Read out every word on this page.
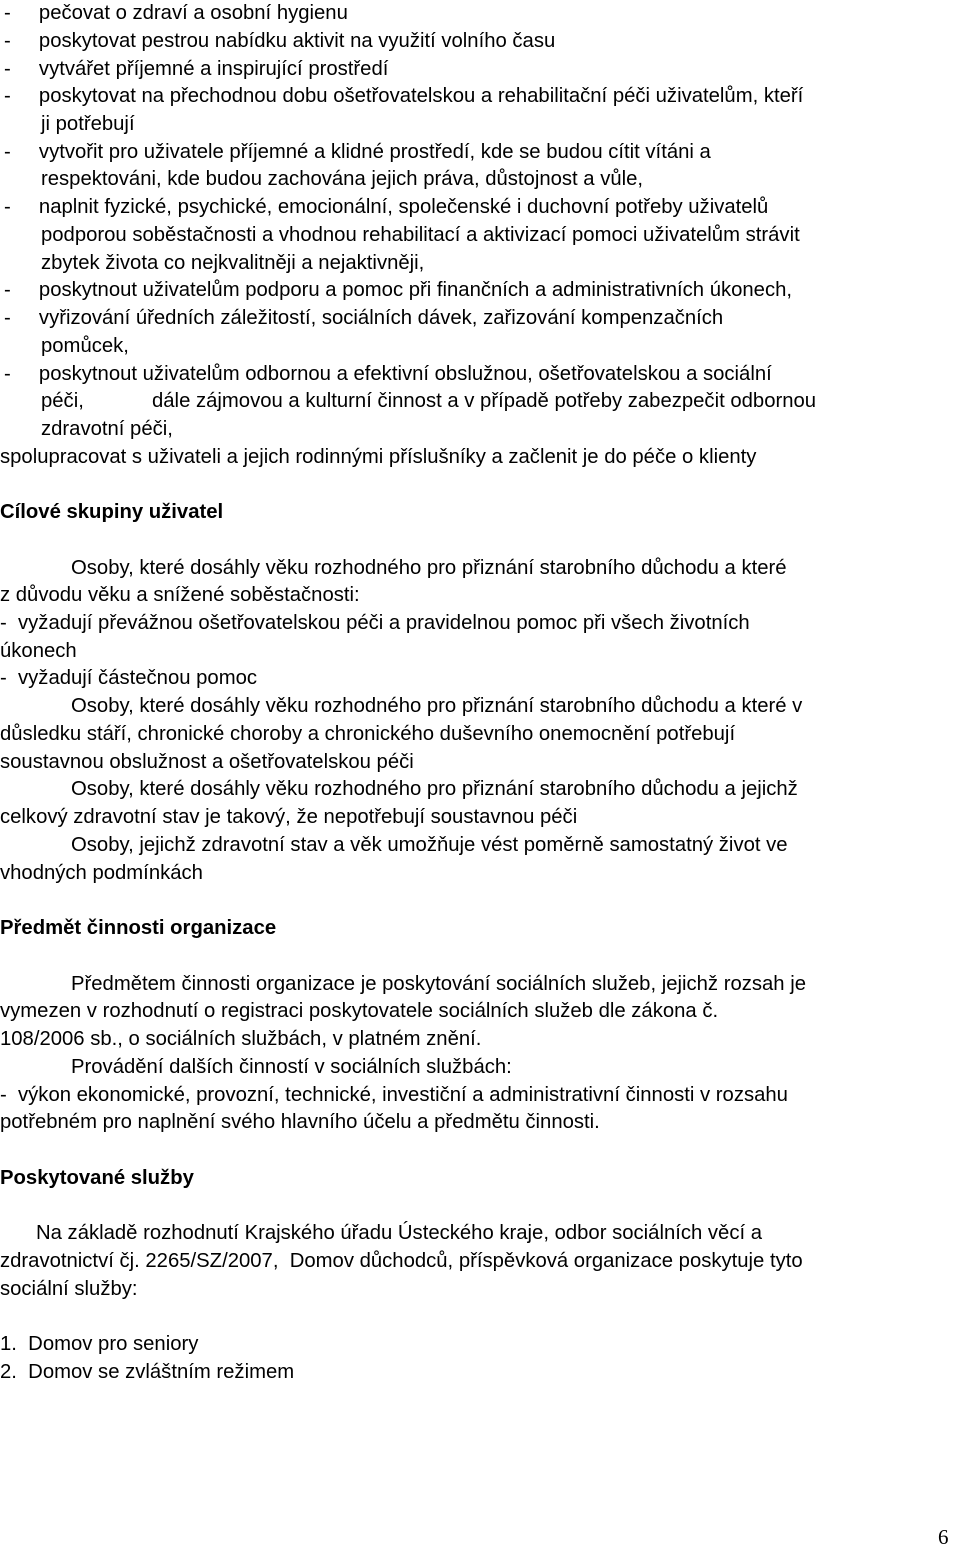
-     pečovat o zdraví a osobní hygienu
-     poskytovat pestrou nabídku aktivit na využití volního času
-     vytvářet příjemné a inspirující prostředí
-     poskytovat na přechodnou dobu ošetřovatelskou a rehabilitační péči uživatelům, kteří
ji potřebují
-     vytvořit pro uživatele příjemné a klidné prostředí, kde se budou cítit vítáni a
respektováni, kde budou zachována jejich práva, důstojnost a vůle,
-     naplnit fyzické, psychické, emocionální, společenské i duchovní potřeby uživatelů
podporou soběstačnosti a vhodnou rehabilitací a aktivizací pomoci uživatelům strávit
zbytek života co nejkvalitněji a nejaktivněji,
-     poskytnout uživatelům podporu a pomoc při finančních a administrativních úkonech,
-     vyřizování úředních záležitostí, sociálních dávek, zařizování kompenzačních
pomůcek,
-     poskytnout uživatelům odbornou a efektivní obslužnou, ošetřovatelskou a sociální
péči,	dále zájmovou a kulturní činnost a v případě potřeby zabezpečit odbornou
zdravotní péči,
spolupracovat s uživateli a jejich rodinnými příslušníky a začlenit je do péče o klienty
Cílové skupiny uživatel
Osoby, které dosáhly věku rozhodného pro přiznání starobního důchodu a které
z důvodu věku a snížené soběstačnosti:
-  vyžadují převážnou ošetřovatelskou péči a pravidelnou pomoc při všech životních
úkonech
-  vyžadují částečnou pomoc
Osoby, které dosáhly věku rozhodného pro přiznání starobního důchodu a které v
důsledku stáří, chronické choroby a chronického duševního onemocnění potřebují
soustavnou obslužnost a ošetřovatelskou péči
Osoby, které dosáhly věku rozhodného pro přiznání starobního důchodu a jejichž
celkový zdravotní stav je takový, že nepotřebují soustavnou péči
Osoby, jejichž zdravotní stav a věk umožňuje vést poměrně samostatný život ve
vhodných podmínkách
Předmět činnosti organizace
Předmětem činnosti organizace je poskytování sociálních služeb, jejichž rozsah je
vymezen v rozhodnutí o registraci poskytovatele sociálních služeb dle zákona č.
108/2006 sb., o sociálních službách, v platném znění.
Provádění dalších činností v sociálních službách:
-  výkon ekonomické, provozní, technické, investiční a administrativní činnosti v rozsahu
potřebném pro naplnění svého hlavního účelu a předmětu činnosti.
Poskytované služby
Na základě rozhodnutí Krajského úřadu Ústeckého kraje, odbor sociálních věcí a
zdravotnictví čj. 2265/SZ/2007,  Domov důchodců, příspěvková organizace poskytuje tyto
sociální služby:
1.  Domov pro seniory
2.  Domov se zvláštním režimem
6
